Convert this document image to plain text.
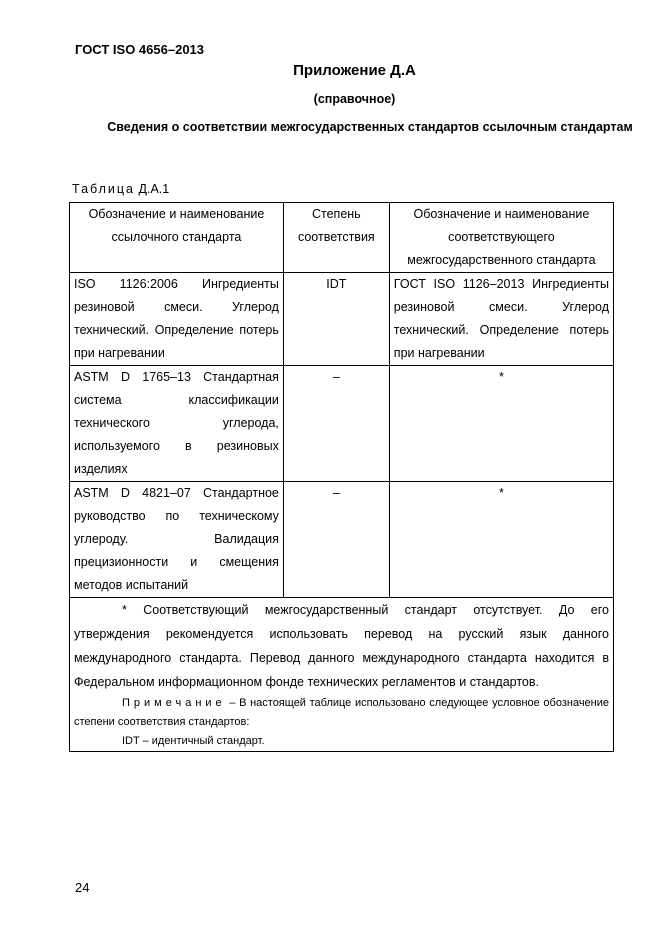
ГОСТ ISO 4656–2013
Приложение Д.А
(справочное)
Сведения о соответствии межгосударственных стандартов ссылочным стандартам
Таблица Д.А.1
Обозначение и наименование ссылочного стандарта	Степень соответствия	Обозначение и наименование соответствующего межгосударственного стандарта
ISO 1126:2006 Ингредиенты резиновой смеси. Углерод технический. Определение потерь при нагревании	IDT	ГОСТ ISO 1126–2013 Ингредиенты резиновой смеси. Углерод технический. Определение потерь при нагревании
ASTM D 1765–13 Стандартная система классификации технического углерода, используемого в резиновых изделиях	–	*
ASTM D 4821–07 Стандартное руководство по техническому углероду. Валидация прецизионности и смещения методов испытаний	–	*

* Соответствующий межгосударственный стандарт отсутствует. До его утверждения рекомендуется использовать перевод на русский язык данного международного стандарта. Перевод данного международного стандарта находится в Федеральном информационном фонде технических регламентов и стандартов.

Примечание – В настоящей таблице использовано следующее условное обозначение степени соответствия стандартов:

IDT – идентичный стандарт.		

24
